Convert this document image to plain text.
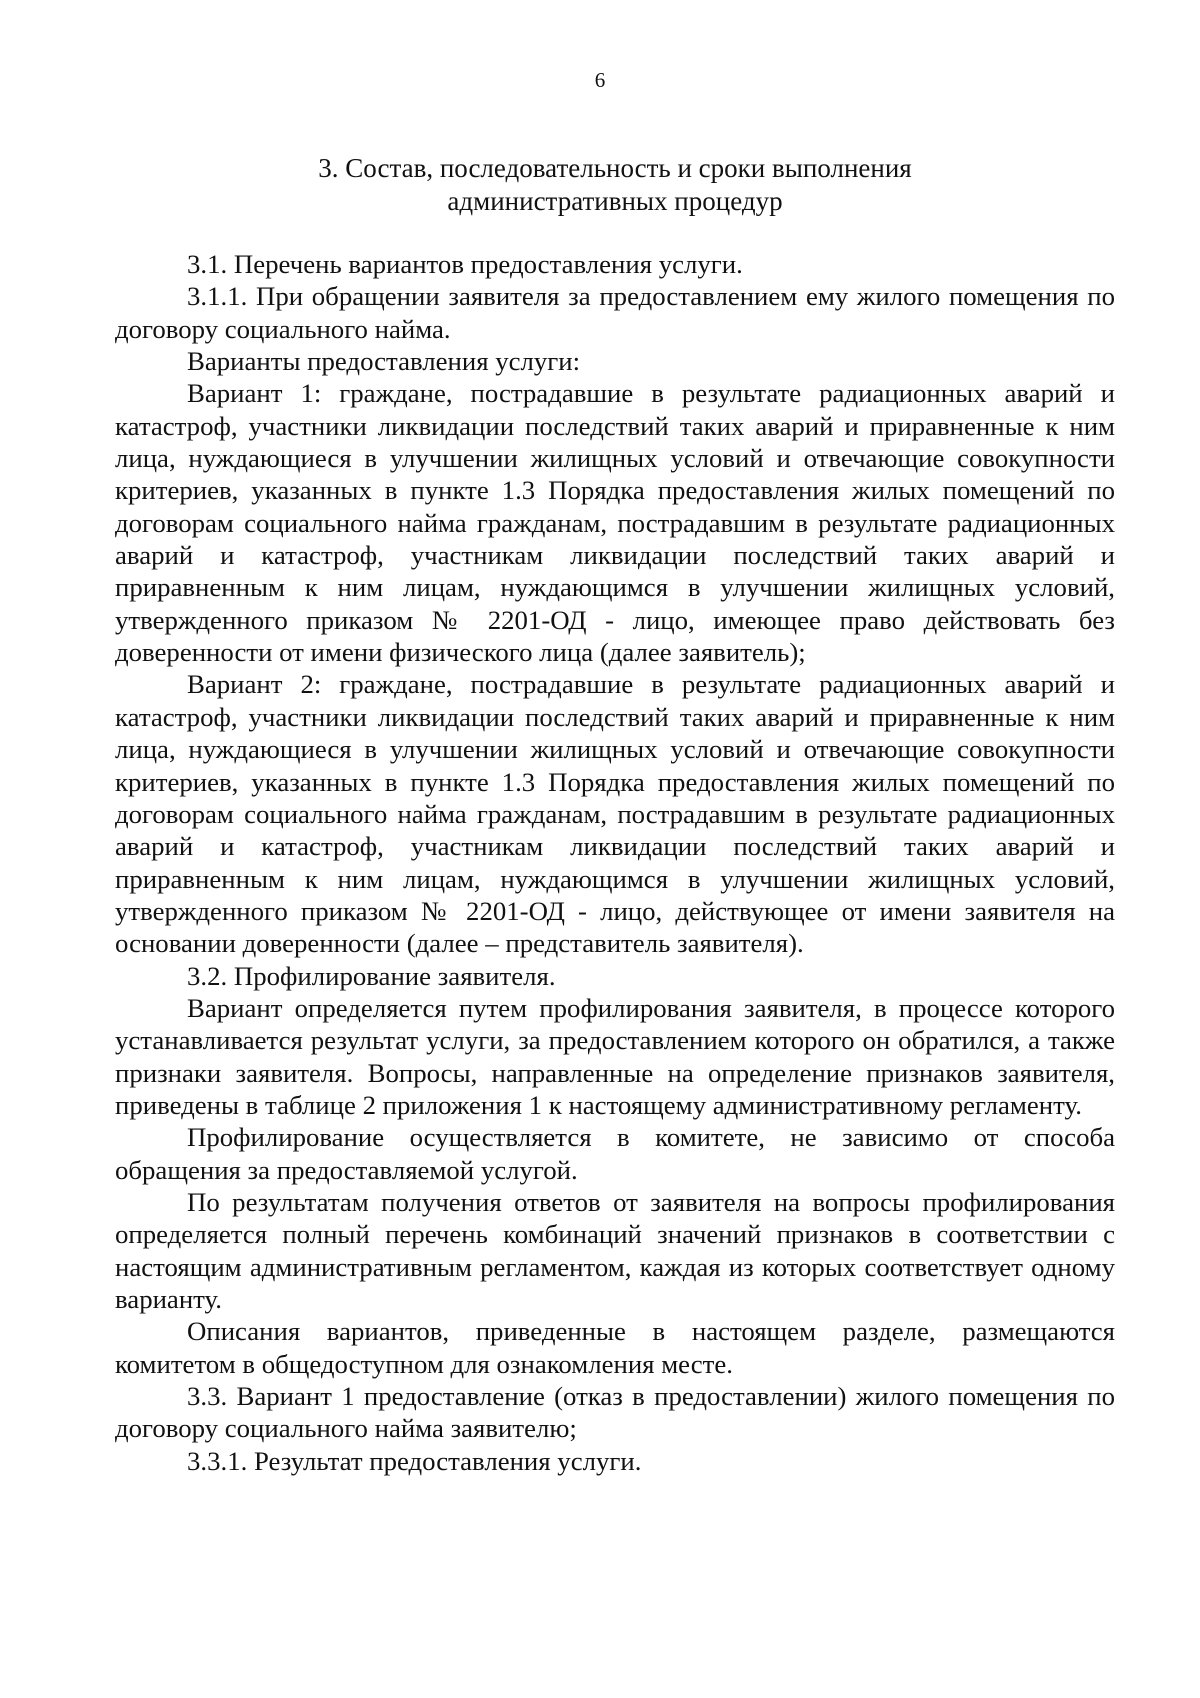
6
3. Состав, последовательность и сроки выполнения
административных процедур

3.1. Перечень вариантов предоставления услуги.

3.1.1. При обращении заявителя за предоставлением ему жилого помещения по договору социального найма.

Варианты предоставления услуги:

Вариант 1: граждане, пострадавшие в результате радиационных аварий и катастроф, участники ликвидации последствий таких аварий и приравненные к ним лица, нуждающиеся в улучшении жилищных условий и отвечающие совокупности критериев, указанных в пункте 1.3 Порядка предоставления жилых помещений по договорам социального найма гражданам, пострадавшим в результате радиационных аварий и катастроф, участникам ликвидации последствий таких аварий и приравненным к ним лицам, нуждающимся в улучшении жилищных условий, утвержденного приказом № 2201-ОД - лицо, имеющее право действовать без доверенности от имени физического лица (далее заявитель);

Вариант 2: граждане, пострадавшие в результате радиационных аварий и катастроф, участники ликвидации последствий таких аварий и приравненные к ним лица, нуждающиеся в улучшении жилищных условий и отвечающие совокупности критериев, указанных в пункте 1.3 Порядка предоставления жилых помещений по договорам социального найма гражданам, пострадавшим в результате радиационных аварий и катастроф, участникам ликвидации последствий таких аварий и приравненным к ним лицам, нуждающимся в улучшении жилищных условий, утвержденного приказом № 2201-ОД - лицо, действующее от имени заявителя на основании доверенности (далее – представитель заявителя).

3.2. Профилирование заявителя.

Вариант определяется путем профилирования заявителя, в процессе которого устанавливается результат услуги, за предоставлением которого он обратился, а также признаки заявителя. Вопросы, направленные на определение признаков заявителя, приведены в таблице 2 приложения 1 к настоящему административному регламенту.

Профилирование осуществляется в комитете, не зависимо от способа обращения за предоставляемой услугой.

По результатам получения ответов от заявителя на вопросы профилирования определяется полный перечень комбинаций значений признаков в соответствии с настоящим административным регламентом, каждая из которых соответствует одному варианту.

Описания вариантов, приведенные в настоящем разделе, размещаются комитетом в общедоступном для ознакомления месте.

3.3. Вариант 1 предоставление (отказ в предоставлении) жилого помещения по договору социального найма заявителю;

3.3.1. Результат предоставления услуги.
